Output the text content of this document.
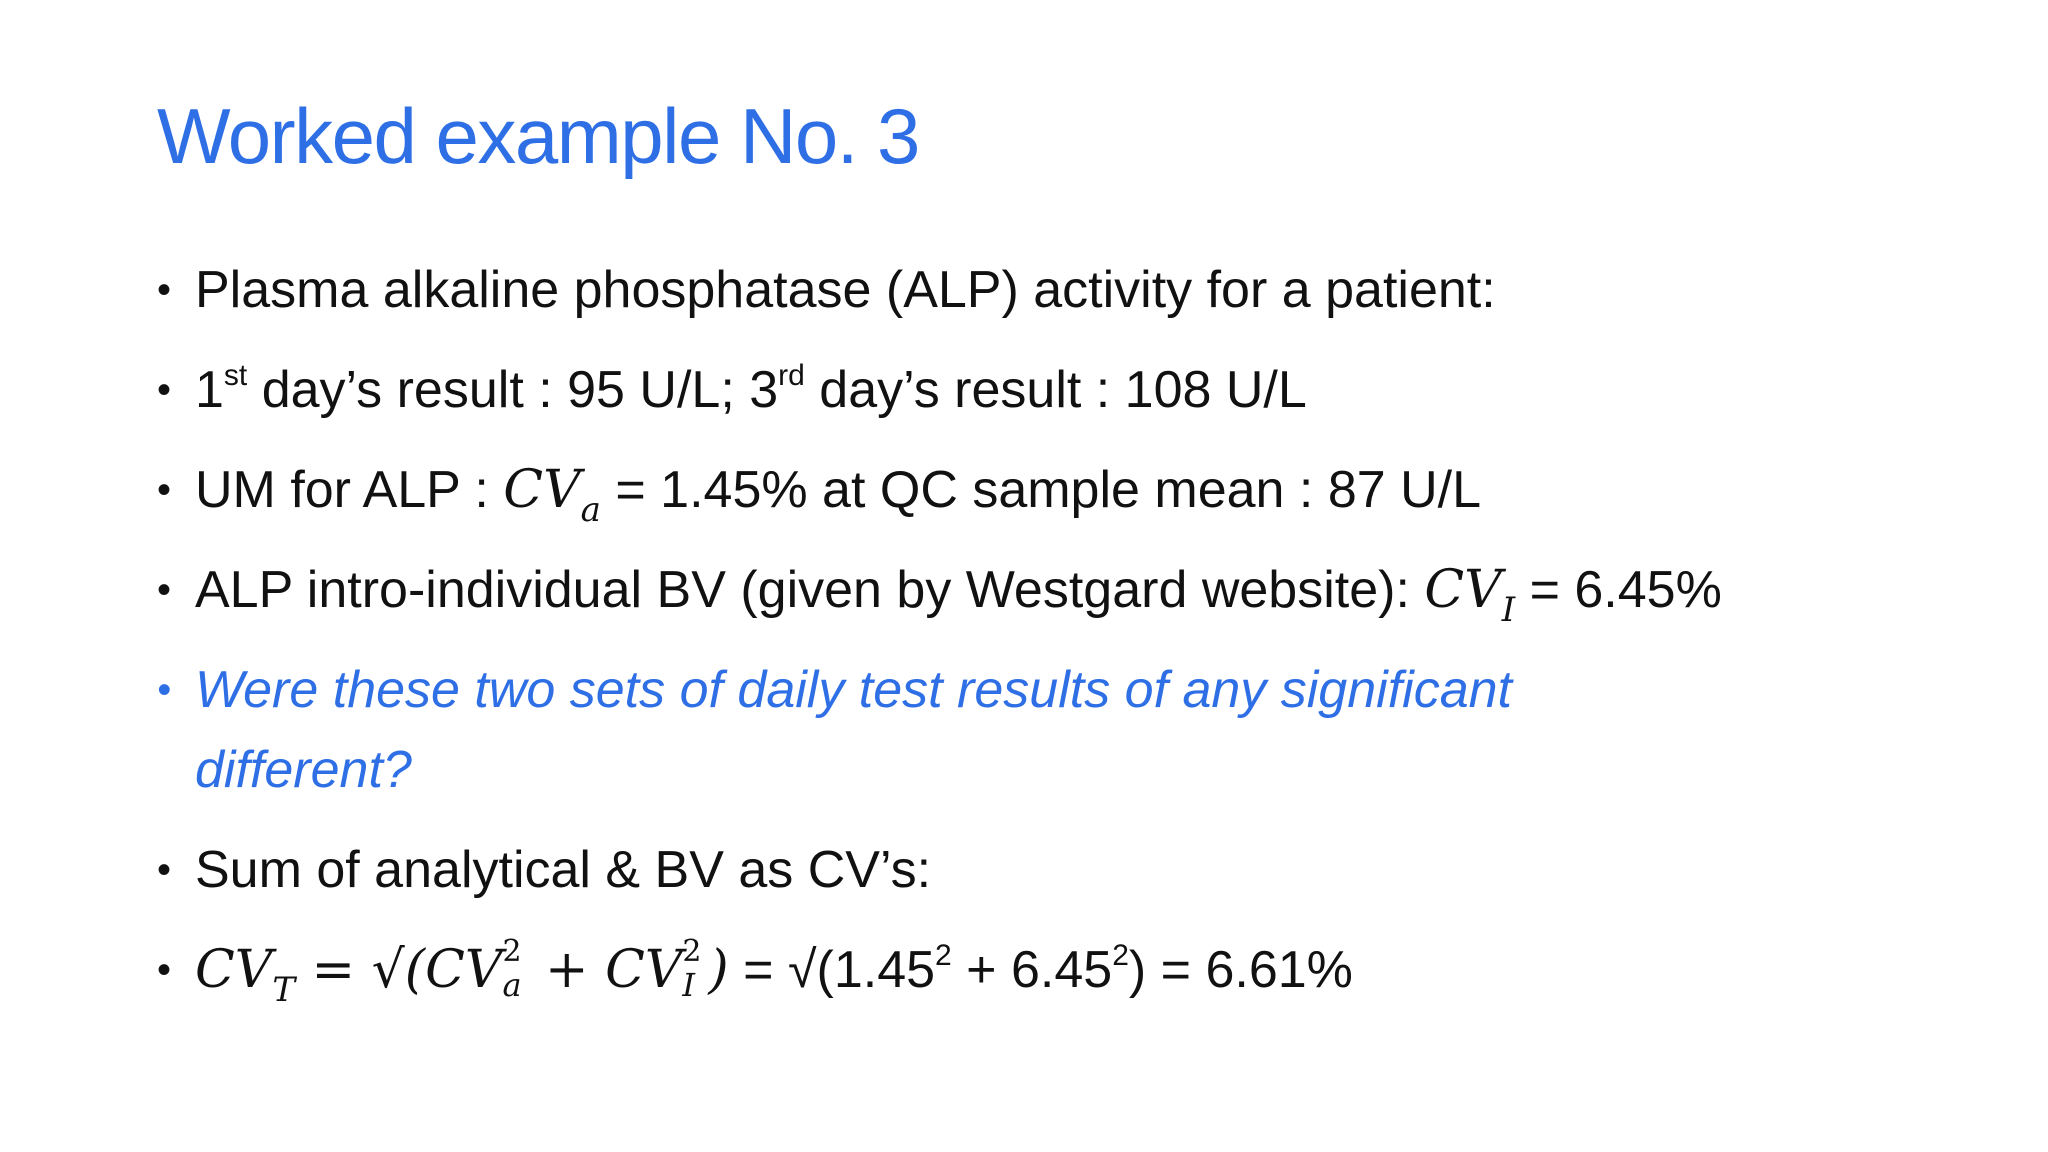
Worked example No. 3
• Plasma alkaline phosphatase (ALP) activity for a patient:
• 1st day’s result : 95 U/L; 3rd day’s result : 108 U/L
• UM for ALP : $CV_a = 1.45\%$ at QC sample mean : 87 U/L
• ALP intro-individual BV (given by Westgard website): $CV_I = 6.45\%$
• Were these two sets of daily test results of any significant different?
• Sum of analytical & BV as CV’s:
• $CV_T = √(CV$ 2
a + CV 2
I ) = $√(1.45^2 + 6.45^2) = 6.61\%$
